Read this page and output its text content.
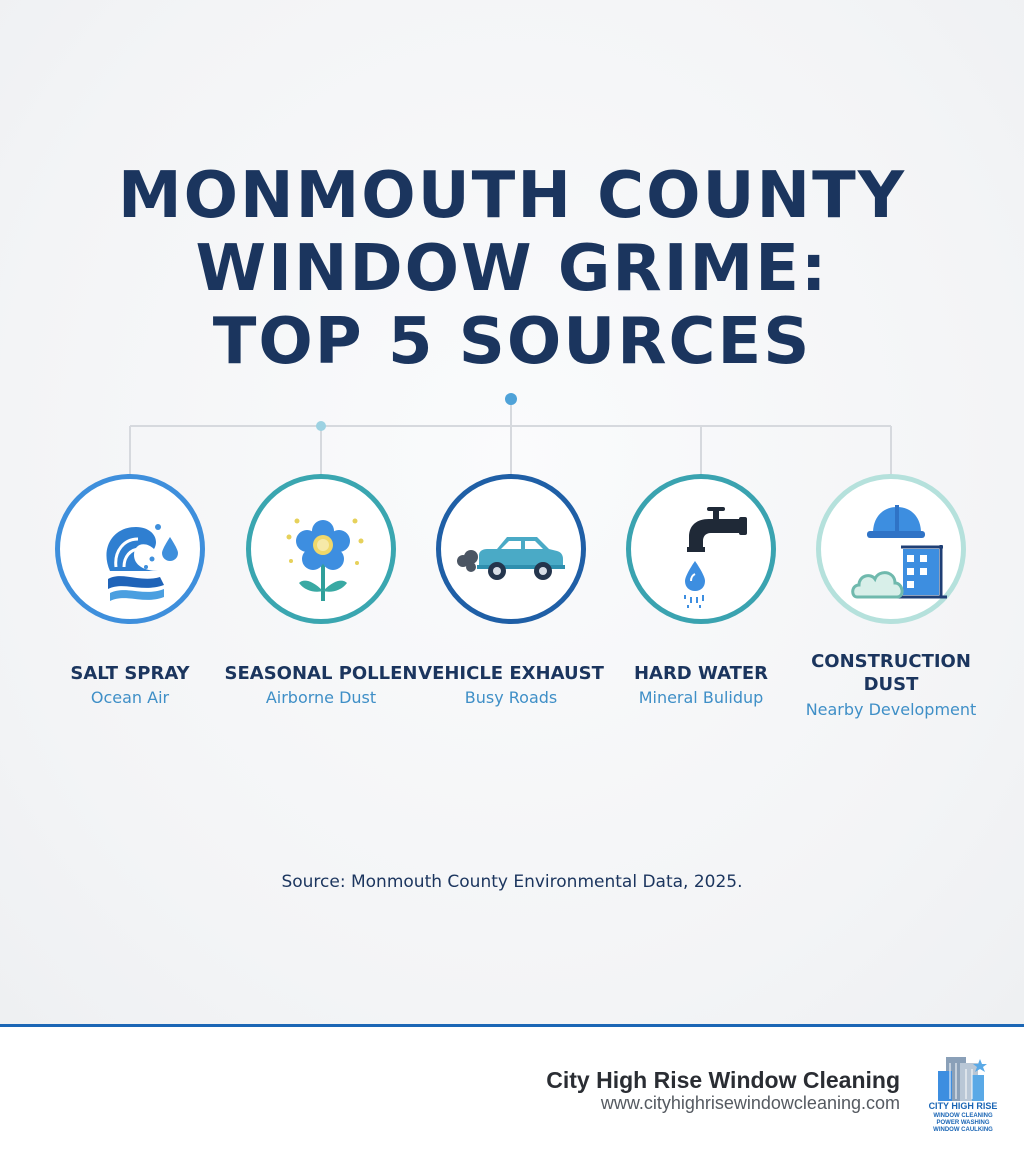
MONMOUTH COUNTY
WINDOW GRIME:
TOP 5 SOURCES
SALT SPRAY
Ocean Air
SEASONAL POLLEN
Airborne Dust
VEHICLE EXHAUST
Busy Roads
HARD WATER
Mineral Bulidup
CONSTRUCTION
DUST
Nearby Development
Source: Monmouth County Environmental Data, 2025.
City High Rise Window Cleaning
www.cityhighrisewindowcleaning.com	CITY HIGH RISE
WINDOW CLEANING
POWER WASHING
WINDOW CAULKING
